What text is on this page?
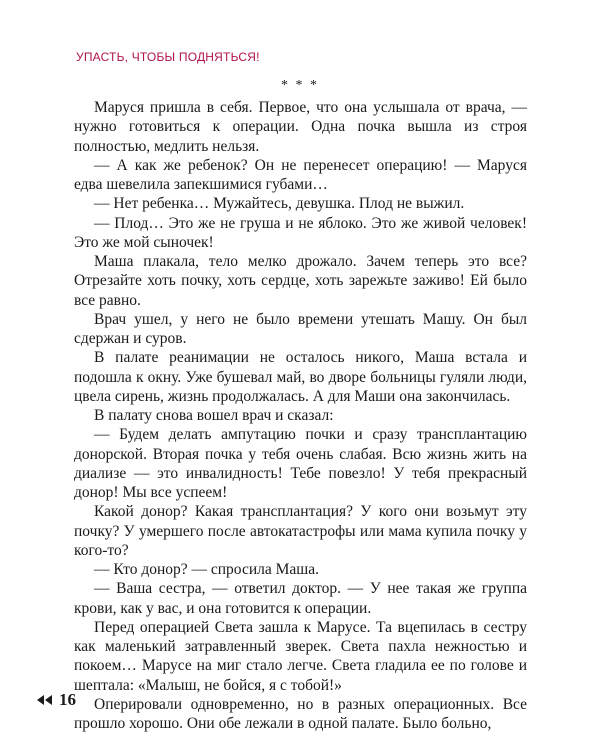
УПАСТЬ, ЧТОБЫ ПОДНЯТЬСЯ!
* * *

Маруся пришла в себя. Первое, что она услышала от врача, — нужно готовиться к операции. Одна почка вышла из строя полностью, медлить нельзя.

— А как же ребенок? Он не перенесет операцию! — Маруся едва шевелила запекшимися губами…

— Нет ребенка… Мужайтесь, девушка. Плод не выжил.

— Плод… Это же не груша и не яблоко. Это же живой человек! Это же мой сыночек!

Маша плакала, тело мелко дрожало. Зачем теперь это все? Отрезайте хоть почку, хоть сердце, хоть зарежьте заживо! Ей было все равно.

Врач ушел, у него не было времени утешать Машу. Он был сдержан и суров.

В палате реанимации не осталось никого, Маша встала и подошла к окну. Уже бушевал май, во дворе больницы гуляли люди, цвела сирень, жизнь продолжалась. А для Маши она закончилась.

В палату снова вошел врач и сказал:

— Будем делать ампутацию почки и сразу трансплантацию донорской. Вторая почка у тебя очень слабая. Всю жизнь жить на диализе — это инвалидность! Тебе повезло! У тебя прекрасный донор! Мы все успеем!

Какой донор? Какая трансплантация? У кого они возьмут эту почку? У умершего после автокатастрофы или мама купила почку у кого-то?

— Кто донор? — спросила Маша.

— Ваша сестра, — ответил доктор. — У нее такая же группа крови, как у вас, и она готовится к операции.

Перед операцией Света зашла к Марусе. Та вцепилась в сестру как маленький затравленный зверек. Света пахла нежностью и покоем… Марусе на миг стало легче. Света гладила ее по голове и шептала: «Малыш, не бойся, я с тобой!»

Оперировали одновременно, но в разных операционных. Все прошло хорошо. Они обе лежали в одной палате. Было больно,

16
